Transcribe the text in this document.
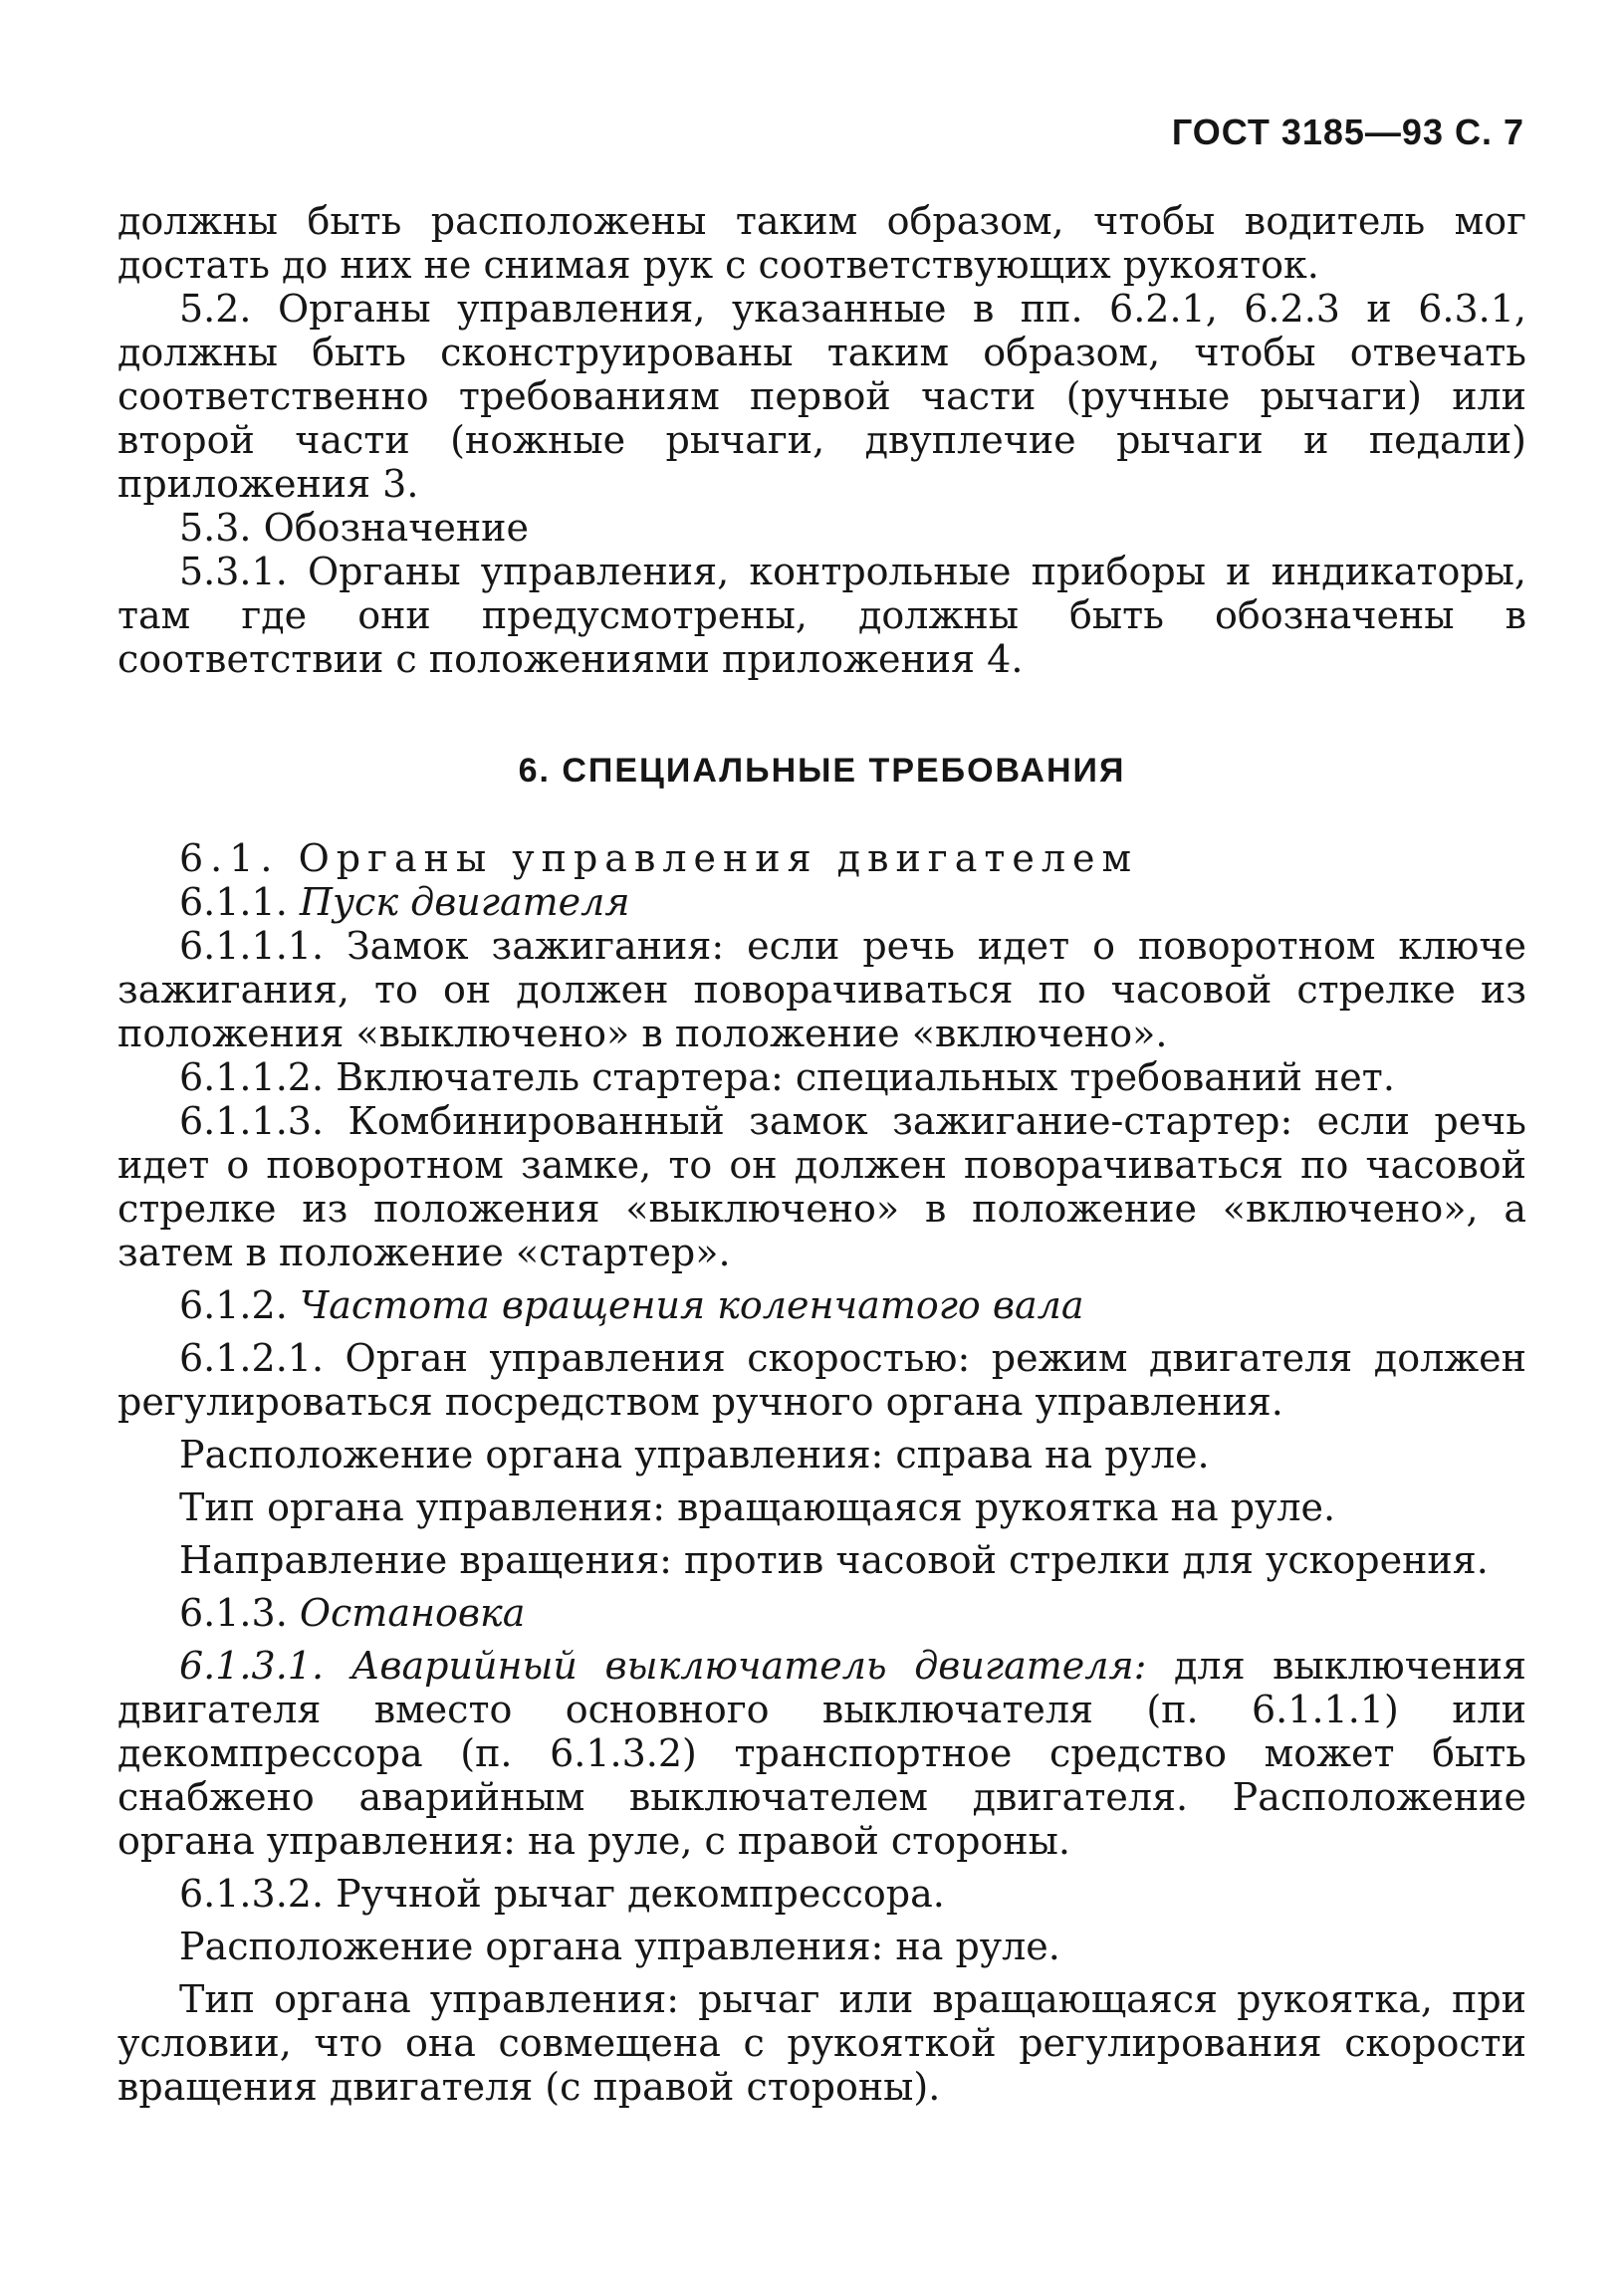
ГОСТ 3185—93 С. 7

должны быть расположены таким образом, чтобы водитель мог достать до них не снимая рук с соответствующих рукояток.

5.2. Органы управления, указанные в пп. 6.2.1, 6.2.3 и 6.3.1, должны быть сконструированы таким образом, чтобы отвечать соответственно требованиям первой части (ручные рычаги) или второй части (ножные рычаги, двуплечие рычаги и педали) приложения 3.

5.3. Обозначение

5.3.1. Органы управления, контрольные приборы и индикаторы, там где они предусмотрены, должны быть обозначены в соответствии с положениями приложения 4.

6. СПЕЦИАЛЬНЫЕ ТРЕБОВАНИЯ

6.1. Органы управления двигателем

6.1.1. Пуск двигателя

6.1.1.1. Замок зажигания: если речь идет о поворотном ключе зажигания, то он должен поворачиваться по часовой стрелке из положения «выключено» в положение «включено».

6.1.1.2. Включатель стартера: специальных требований нет.

6.1.1.3. Комбинированный замок зажигание-стартер: если речь идет о поворотном замке, то он должен поворачиваться по часовой стрелке из положения «выключено» в положение «включено», а затем в положение «стартер».

6.1.2. Частота вращения коленчатого вала

6.1.2.1. Орган управления скоростью: режим двигателя должен регулироваться посредством ручного органа управления.

Расположение органа управления: справа на руле.

Тип органа управления: вращающаяся рукоятка на руле.

Направление вращения: против часовой стрелки для ускорения.

6.1.3. Остановка

6.1.3.1. Аварийный выключатель двигателя: для выключения двигателя вместо основного выключателя (п. 6.1.1.1) или декомпрессора (п. 6.1.3.2) транспортное средство может быть снабжено аварийным выключателем двигателя. Расположение органа управления: на руле, с правой стороны.

6.1.3.2. Ручной рычаг декомпрессора.

Расположение органа управления: на руле.

Тип органа управления: рычаг или вращающаяся рукоятка, при условии, что она совмещена с рукояткой регулирования скорости вращения двигателя (с правой стороны).
